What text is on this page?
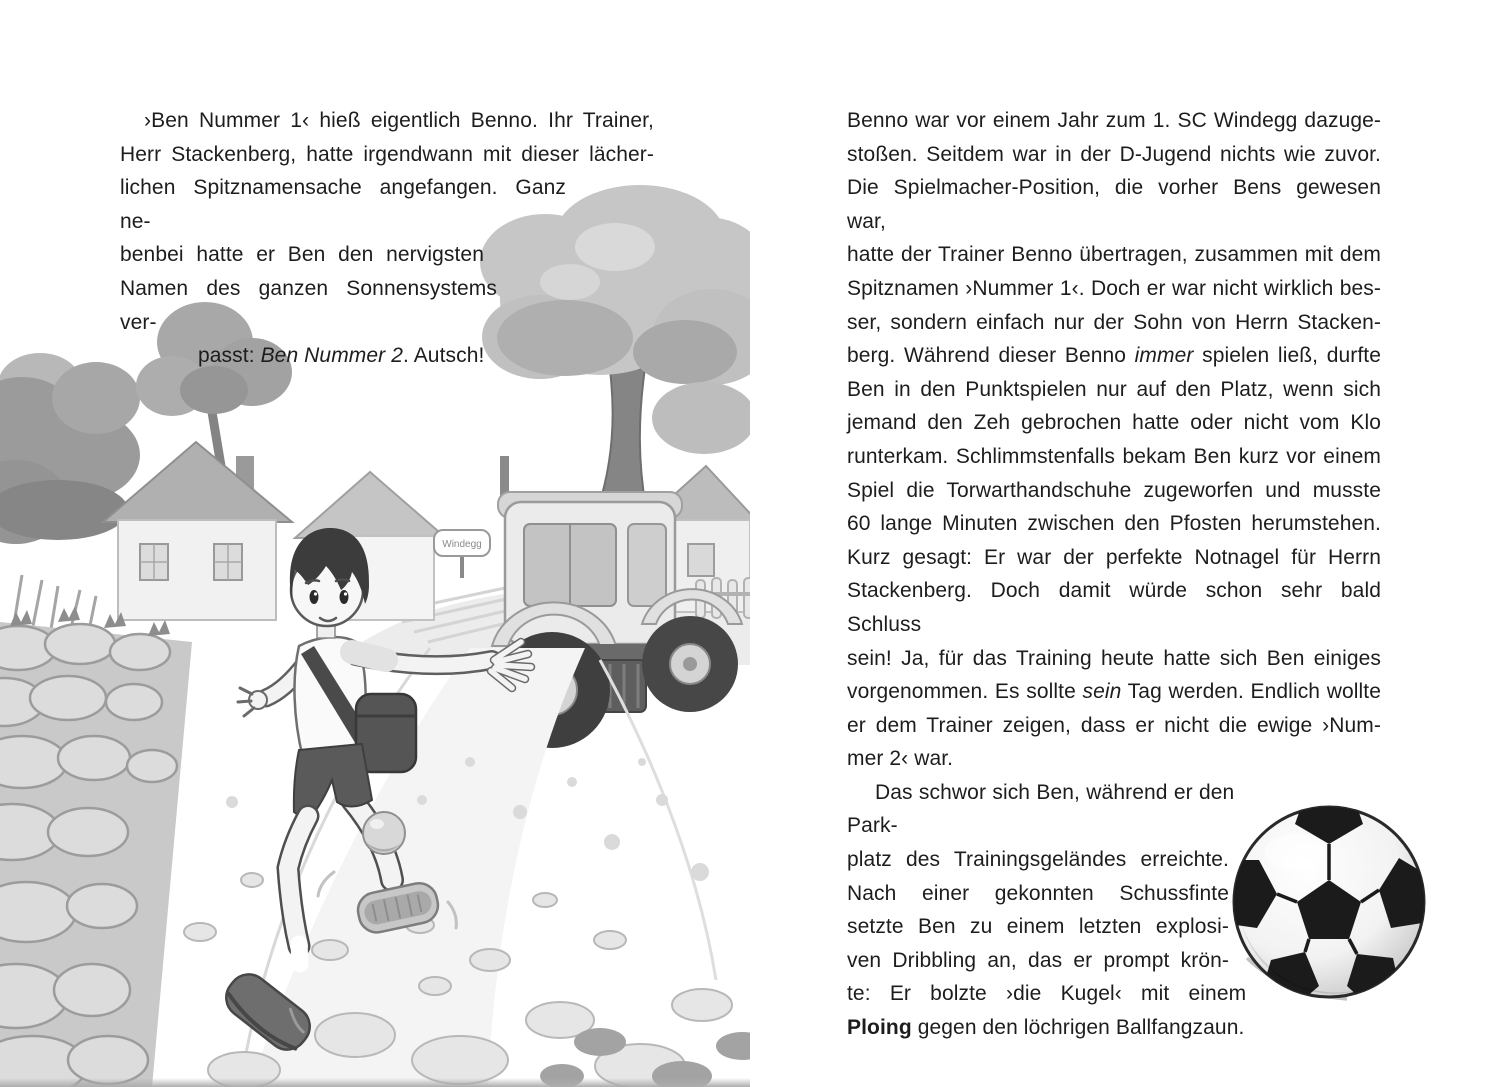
Windegg
›Ben Nummer 1‹ hieß eigentlich Benno. Ihr Trainer,
Herr Stackenberg, hatte irgendwann mit dieser lächer-
lichen Spitznamensache angefangen. Ganz ne-
benbei hatte er Ben den nervigsten
Namen des ganzen Sonnensystems ver-
passt: Ben Nummer 2. Autsch!
Benno war vor einem Jahr zum 1. SC Windegg dazuge-
stoßen. Seitdem war in der D-Jugend nichts wie zuvor.
Die Spielmacher-Position, die vorher Bens gewesen war,
hatte der Trainer Benno übertragen, zusammen mit dem
Spitznamen ›Nummer 1‹. Doch er war nicht wirklich bes-
ser, sondern einfach nur der Sohn von Herrn Stacken-
berg. Während dieser Benno immer spielen ließ, durfte
Ben in den Punktspielen nur auf den Platz, wenn sich
jemand den Zeh gebrochen hatte oder nicht vom Klo
runterkam. Schlimmstenfalls bekam Ben kurz vor einem
Spiel die Torwarthandschuhe zugeworfen und musste
60 lange Minuten zwischen den Pfosten herumstehen.
Kurz gesagt: Er war der perfekte Notnagel für Herrn
Stackenberg. Doch damit würde schon sehr bald Schluss
sein! Ja, für das Training heute hatte sich Ben einiges
vorgenommen. Es sollte sein Tag werden. Endlich wollte
er dem Trainer zeigen, dass er nicht die ewige ›Num-
mer 2‹ war.
Das schwor sich Ben, während er den Park-
platz des Trainingsgeländes erreichte.
Nach einer gekonnten Schussfinte
setzte Ben zu einem letzten explosi-
ven Dribbling an, das er prompt krön-
te: Er bolzte ›die Kugel‹ mit einem
Ploing gegen den löchrigen Ballfangzaun.
